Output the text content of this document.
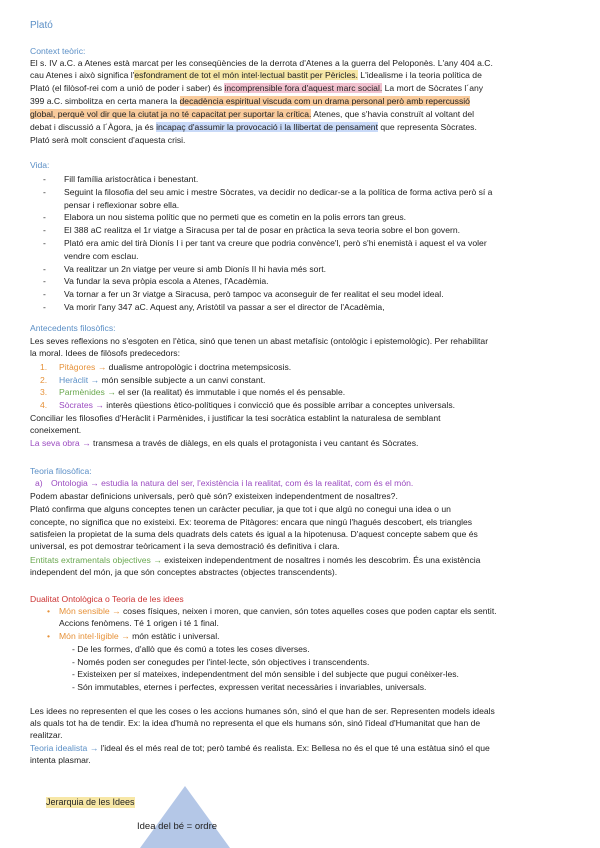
Plató
Context teòric:
El s. IV a.C. a Atenes està marcat per les conseqüències de la derrota d'Atenes a la guerra del Peloponès. L'any 404 a.C.
cau Atenes i això significa l'esfondrament de tot el món intel·lectual bastit per Pèricles. L'idealisme i la teoria política de
Plató (el filòsof-rei com a unió de poder i saber) és incomprensible fora d'aquest marc social. La mort de Sòcrates l´any
399 a.C. simbolitza en certa manera la decadència espiritual viscuda com un drama personal però amb repercussió
global, perquè vol dir que la ciutat ja no té capacitat per suportar la crítica. Atenes, que s'havia construït al voltant del
debat i discussió a l´Àgora, ja és incapaç d'assumir la provocació i la llibertat de pensament que representa Sòcrates.
Plató serà molt conscient d'aquesta crisi.
Vida:
- Fill família aristocràtica i benestant.
- Seguint la filosofia del seu amic i mestre Sòcrates, va decidir no dedicar-se a la política de forma activa però sí a
pensar i reflexionar sobre ella.
- Elabora un nou sistema polític que no permeti que es cometin en la polis errors tan greus.
- El 388 aC realitza el 1r viatge a Siracusa per tal de posar en pràctica la seva teoria sobre el bon govern.
- Plató era amic del tirà Dionís I i per tant va creure que podria convènce'l, però s'hi enemistà i aquest el va voler
vendre com esclau.
- Va realitzar un 2n viatge per veure si amb Dionís II hi havia més sort.
- Va fundar la seva pròpia escola a Atenes, l'Acadèmia.
- Va tornar a fer un 3r viatge a Siracusa, però tampoc va aconseguir de fer realitat el seu model ideal.
- Va morir l'any 347 aC. Aquest any, Aristòtil va passar a ser el director de l'Acadèmia,
Antecedents filosòfics:
Les seves reflexions no s'esgoten en l'ètica, sinó que tenen un abast metafísic (ontològic i epistemològic). Per rehabilitar
la moral. Idees de filòsofs predecedors:
1. Pitàgores → dualisme antropològic i doctrina metempsicosis.
2. Heràclit → món sensible subjecte a un canvi constant.
3. Parmènides → el ser (la realitat) és immutable i que només el és pensable.
4. Sòcrates → interès qüestions ètico-polítiques i convicció que és possible arribar a conceptes universals.
Conciliar les filosofies d'Heràclit i Parmènides, i justificar la tesi socràtica establint la naturalesa de semblant
coneixement.
La seva obra → transmesa a través de diàlegs, en els quals el protagonista i veu cantant és Sòcrates.
Teoria filosòfica:
a) Ontologia → estudia la natura del ser, l'existència i la realitat, com és la realitat, com és el món.
Podem abastar definicions universals, però què són? existeixen independentment de nosaltres?.
Plató confirma que alguns conceptes tenen un caràcter peculiar, ja que tot i que algú no conegui una idea o un
concepte, no significa que no existeixi. Ex: teorema de Pitàgores: encara que ningú l'hagués descobert, els triangles
satisfeien la propietat de la suma dels quadrats dels catets és igual a la hipotenusa. D'aquest concepte sabem que és
universal, es pot demostrar teòricament i la seva demostració és definitiva i clara.
Entitats extramentals objectives → existeixen independentment de nosaltres i només les descobrim. És una existència
independent del món, ja que són conceptes abstractes (objectes transcendents).
Dualitat Ontològica o Teoria de les idees
Món sensible → coses físiques, neixen i moren, que canvien, són totes aquelles coses que poden captar els sentit.
•
Accions fenòmens. Té 1 origen i té 1 final.
• Món intel·ligible → món estàtic i universal.
- De les formes, d'allò que és comú a totes les coses diverses.
- Només poden ser conegudes per l'intel·lecte, són objectives i transcendents.
- Existeixen per sí mateixes, independentment del món sensible i del subjecte que pugui conèixer-les.
- Són immutables, eternes i perfectes, expressen veritat necessàries i invariables, universals.
Les idees no representen el que les coses o les accions humanes són, sinó el que han de ser. Representen models ideals
als quals tot ha de tendir. Ex: la idea d'humà no representa el que els humans són, sinó l'ideal d'Humanitat que han de
realitzar.
Teoria idealista → l'ideal és el més real de tot; però també és realista. Ex: Bellesa no és el que té una estàtua sinó el que
intenta plasmar.
Jerarquia de les Idees
Idea del bé = ordre
